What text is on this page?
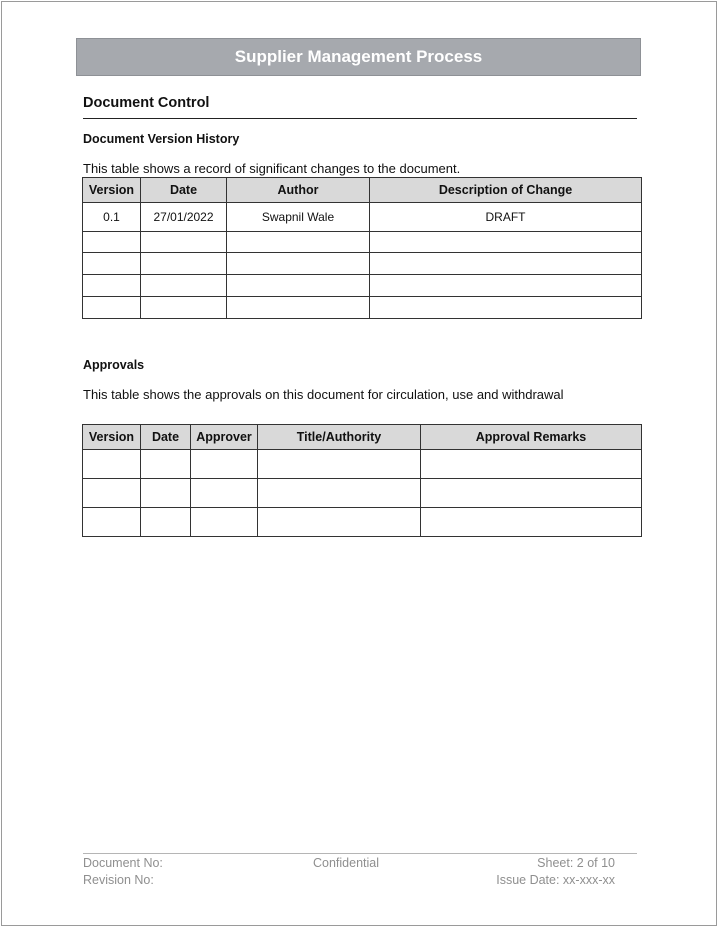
Supplier Management Process
Document Control
Document Version History
This table shows a record of significant changes to the document.
Version	Date	Author	Description of Change
0.1	27/01/2022	Swapnil Wale	DRAFT

Approvals
This table shows the approvals on this document for circulation, use and withdrawal
Version	Date	Approver	Title/Authority	Approval Remarks

Document No:	Confidential	Sheet: 2 of 10
Revision No:	Issue Date: xx-xxx-xx
